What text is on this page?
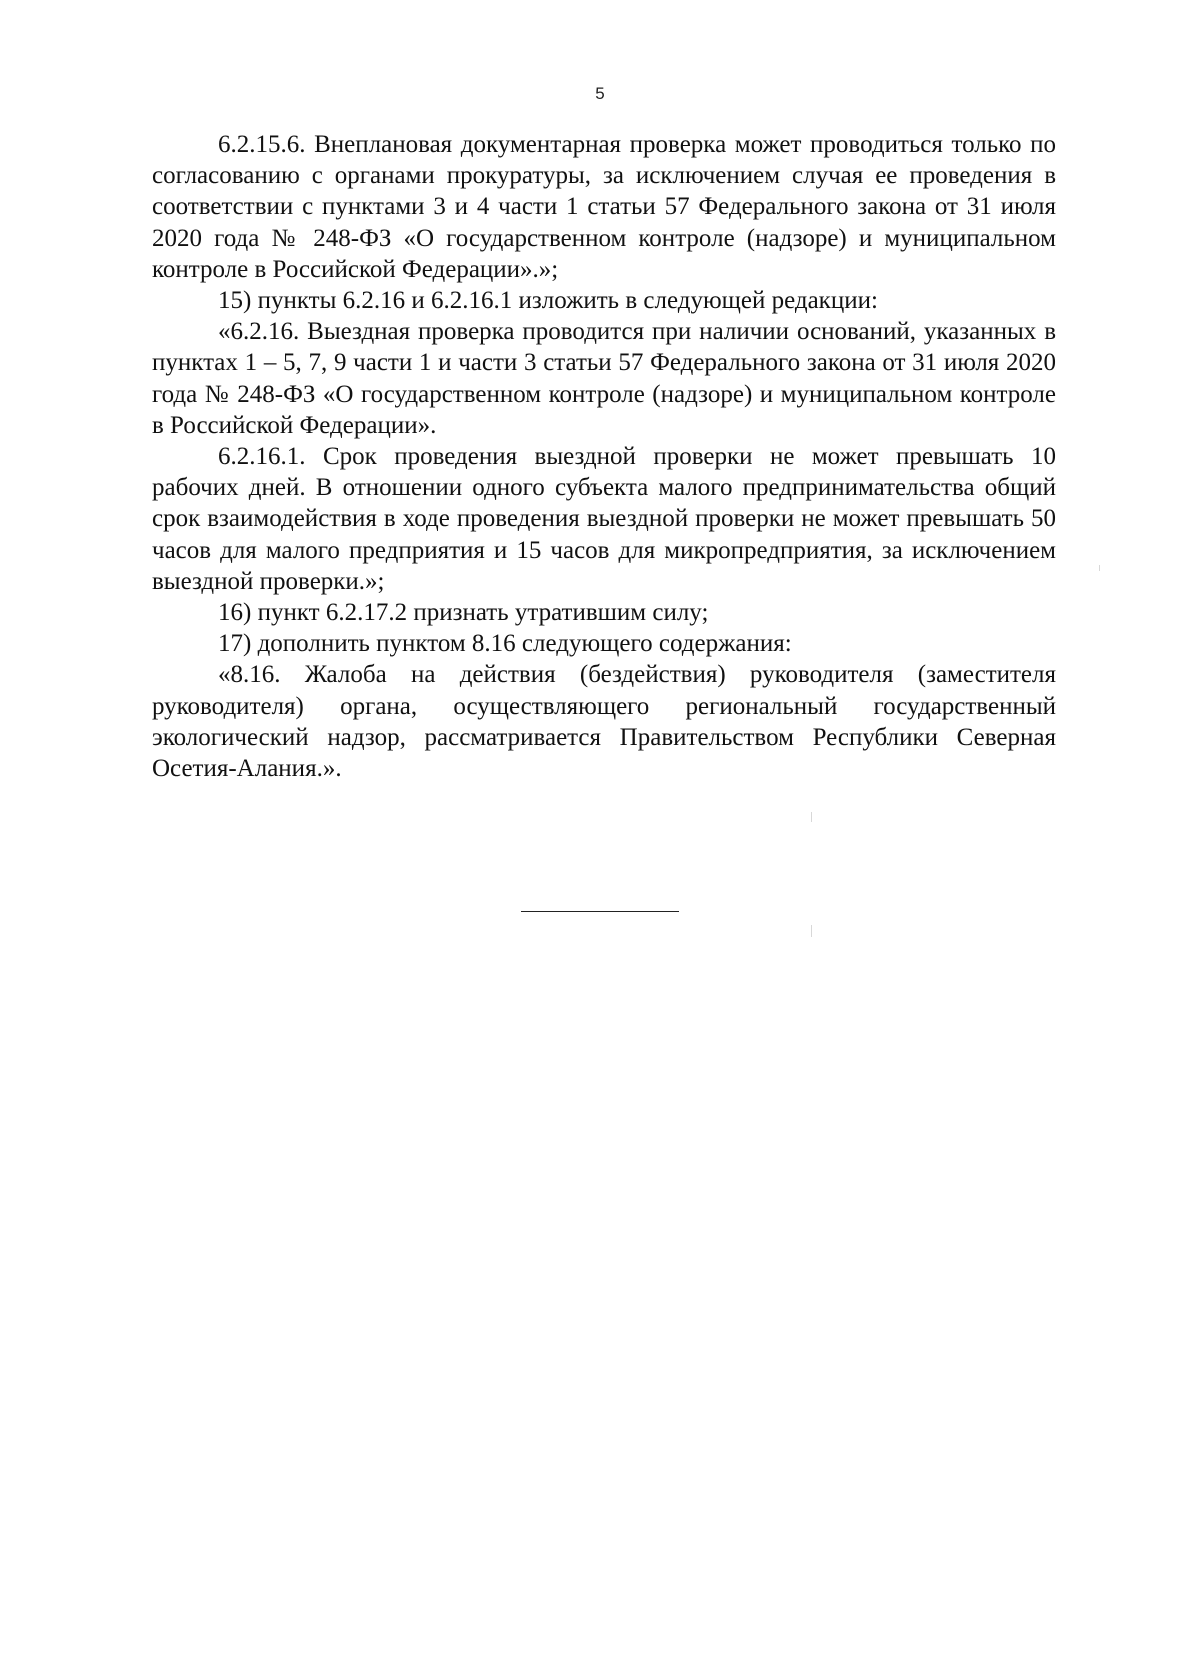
5

6.2.15.6. Внеплановая документарная проверка может проводиться только по согласованию с органами прокуратуры, за исключением случая ее проведения в соответствии с пунктами 3 и 4 части 1 статьи 57 Федерального закона от 31 июля 2020 года № 248-ФЗ «О государственном контроле (надзоре) и муниципальном контроле в Российской Федерации».»;

15) пункты 6.2.16 и 6.2.16.1 изложить в следующей редакции:

«6.2.16. Выездная проверка проводится при наличии оснований, указанных в пунктах 1 – 5, 7, 9 части 1 и части 3 статьи 57 Федерального закона от 31 июля 2020 года № 248-ФЗ «О государственном контроле (надзоре) и муниципальном контроле в Российской Федерации».

6.2.16.1. Срок проведения выездной проверки не может превышать 10 рабочих дней. В отношении одного субъекта малого предпринимательства общий срок взаимодействия в ходе проведения выездной проверки не может превышать 50 часов для малого предприятия и 15 часов для микропредприятия, за исключением выездной проверки.»;

16) пункт 6.2.17.2 признать утратившим силу;

17) дополнить пунктом 8.16 следующего содержания:

«8.16. Жалоба на действия (бездействия) руководителя (заместителя руководителя) органа, осуществляющего региональный государственный экологический надзор, рассматривается Правительством Республики Северная Осетия-Алания.».
